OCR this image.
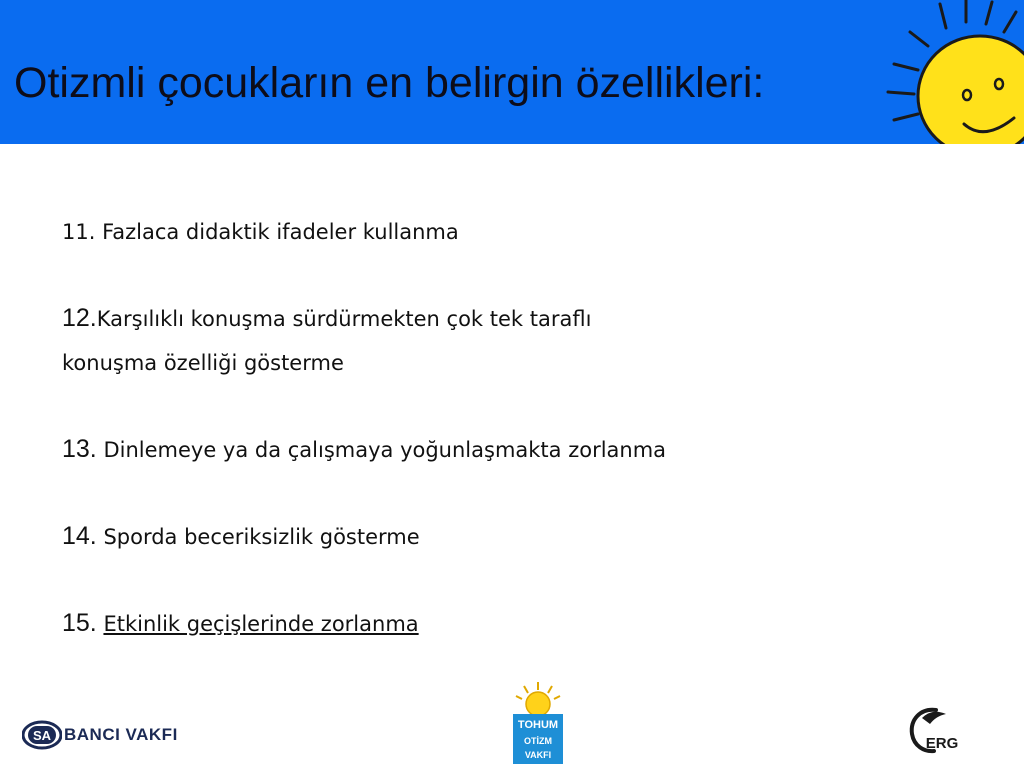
Otizmli çocukların en belirgin özellikleri:

11. Fazlaca didaktik ifadeler kullanma

12.Karşılıklı konuşma sürdürmekten çok tek taraflı
konuşma özelliği gösterme

13. Dinlemeye ya da çalışmaya yoğunlaşmakta zorlanma

14. Sporda beceriksizlik gösterme

15. Etkinlik geçişlerinde zorlanma

SA BANCI VAKFI	TOHUM
OTİZM
VAKFI
ERG
